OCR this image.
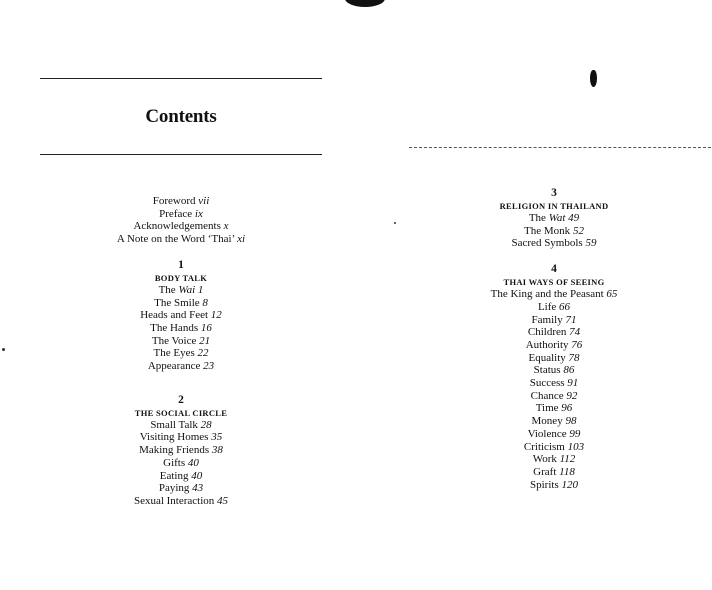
Contents
Foreword vii
Preface ix
Acknowledgements x
A Note on the Word ‘Thai’ xi
1
BODY TALK
The Wai 1
The Smile 8
Heads and Feet 12
The Hands 16
The Voice 21
The Eyes 22
Appearance 23
2
THE SOCIAL CIRCLE
Small Talk 28
Visiting Homes 35
Making Friends 38
Gifts 40
Eating 40
Paying 43
Sexual Interaction 45
3
RELIGION IN THAILAND
The Wat 49
The Monk 52
Sacred Symbols 59
4
THAI WAYS OF SEEING
The King and the Peasant 65
Life 66
Family 71
Children 74
Authority 76
Equality 78
Status 86
Success 91
Chance 92
Time 96
Money 98
Violence 99
Criticism 103
Work 112
Graft 118
Spirits 120
